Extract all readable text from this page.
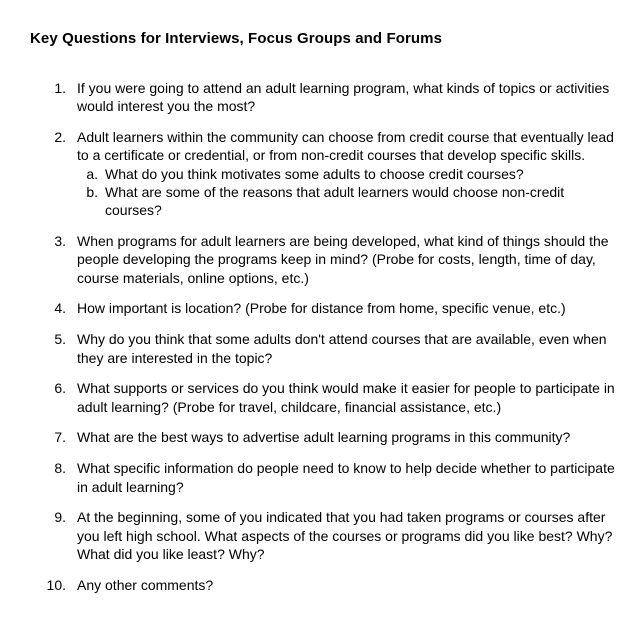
Key Questions for Interviews, Focus Groups and Forums
1. If you were going to attend an adult learning program, what kinds of topics or activities would interest you the most?
2. Adult learners within the community can choose from credit course that eventually lead to a certificate or credential, or from non-credit courses that develop specific skills.
a. What do you think motivates some adults to choose credit courses?
b. What are some of the reasons that adult learners would choose non-credit courses?
3. When programs for adult learners are being developed, what kind of things should the people developing the programs keep in mind? (Probe for costs, length, time of day, course materials, online options, etc.)
4. How important is location? (Probe for distance from home, specific venue, etc.)
5. Why do you think that some adults don't attend courses that are available, even when they are interested in the topic?
6. What supports or services do you think would make it easier for people to participate in adult learning? (Probe for travel, childcare, financial assistance, etc.)
7. What are the best ways to advertise adult learning programs in this community?
8. What specific information do people need to know to help decide whether to participate in adult learning?
9. At the beginning, some of you indicated that you had taken programs or courses after you left high school. What aspects of the courses or programs did you like best? Why? What did you like least? Why?
10. Any other comments?
